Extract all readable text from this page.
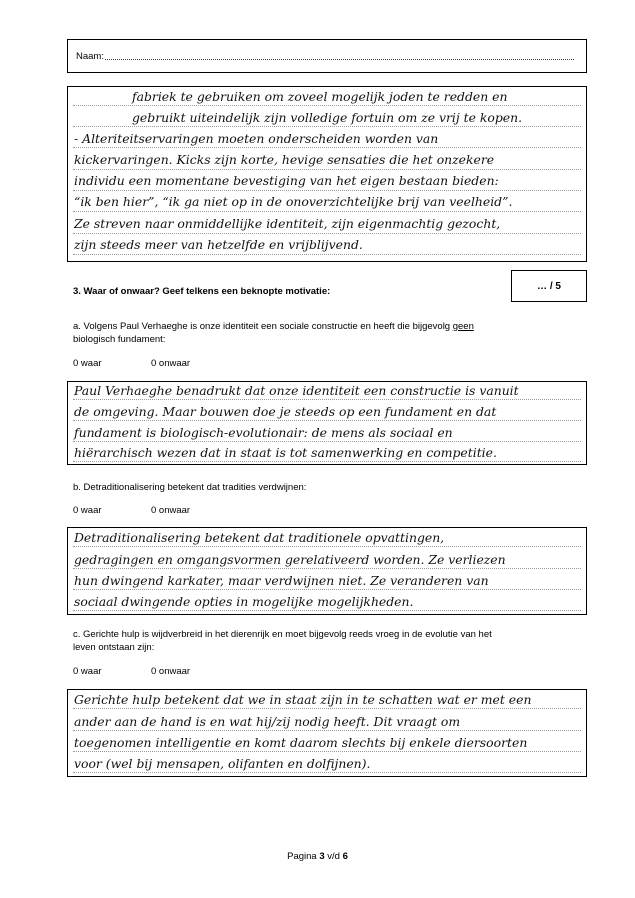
Naam:
fabriek te gebruiken om zoveel mogelijk joden te redden en
gebruikt uiteindelijk zijn volledige fortuin om ze vrij te kopen.
- Alteriteitservaringen moeten onderscheiden worden van
kickervaringen. Kicks zijn korte, hevige sensaties die het onzekere
individu een momentane bevestiging van het eigen bestaan bieden:
“ik ben hier”, “ik ga niet op in de onoverzichtelijke brij van veelheid”.
Ze streven naar onmiddellijke identiteit, zijn eigenmachtig gezocht,
zijn steeds meer van hetzelfde en vrijblijvend.
3. Waar of onwaar? Geef telkens een beknopte motivatie:	… / 5
a. Volgens Paul Verhaeghe is onze identiteit een sociale constructie en heeft die bijgevolg geen
biologisch fundament:
0 waar	0 onwaar
Paul Verhaeghe benadrukt dat onze identiteit een constructie is vanuit
de omgeving. Maar bouwen doe je steeds op een fundament en dat
fundament is biologisch-evolutionair: de mens als sociaal en
hiërarchisch wezen dat in staat is tot samenwerking en competitie.
b. Detraditionalisering betekent dat tradities verdwijnen:
0 waar	0 onwaar
Detraditionalisering betekent dat traditionele opvattingen,
gedragingen en omgangsvormen gerelativeerd worden. Ze verliezen
hun dwingend karkater, maar verdwijnen niet. Ze veranderen van
sociaal dwingende opties in mogelijke mogelijkheden.
c. Gerichte hulp is wijdverbreid in het dierenrijk en moet bijgevolg reeds vroeg in de evolutie van het
leven ontstaan zijn:
0 waar	0 onwaar
Gerichte hulp betekent dat we in staat zijn in te schatten wat er met een
ander aan de hand is en wat hij/zij nodig heeft. Dit vraagt om
toegenomen intelligentie en komt daarom slechts bij enkele diersoorten
voor (wel bij mensapen, olifanten en dolfijnen).
Pagina 3 v/d 6
